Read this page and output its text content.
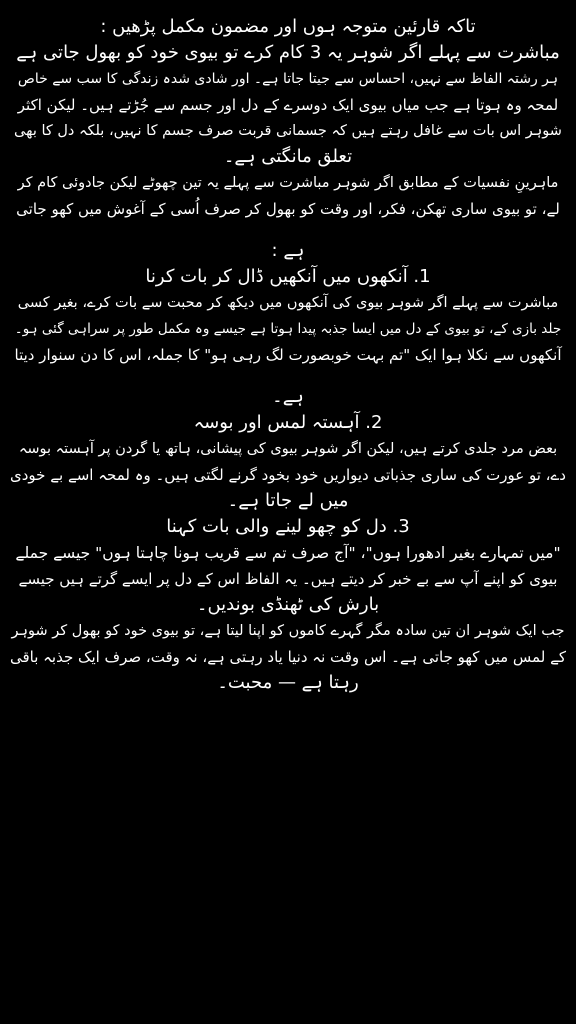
تاکہ قارئین متوجہ ہوں اور مضمون مکمل پڑھیں :
مباشرت سے پہلے اگر شوہر یہ 3 کام کرے تو بیوی خود کو بھول جاتی ہے
ہر رشتہ الفاظ سے نہیں، احساس سے جیتا جاتا ہے۔ اور شادی شدہ زندگی کا سب سے خاص
لمحہ وہ ہوتا ہے جب میاں بیوی ایک دوسرے کے دل اور جسم سے جُڑتے ہیں۔ لیکن اکثر
شوہر اس بات سے غافل رہتے ہیں کہ جسمانی قربت صرف جسم کا نہیں، بلکہ دل کا بھی
تعلق مانگتی ہے۔
ماہرینِ نفسیات کے مطابق اگر شوہر مباشرت سے پہلے یہ تین چھوٹے لیکن جادوئی کام کر
لے، تو بیوی ساری تھکن، فکر، اور وقت کو بھول کر صرف اُسی کے آغوش میں کھو جاتی
ہے :
1. آنکھوں میں آنکھیں ڈال کر بات کرنا
مباشرت سے پہلے اگر شوہر بیوی کی آنکھوں میں دیکھ کر محبت سے بات کرے، بغیر کسی
جلد بازی کے، تو بیوی کے دل میں ایسا جذبہ پیدا ہوتا ہے جیسے وہ مکمل طور پر سراہی گئی ہو۔
آنکھوں سے نکلا ہوا ایک "تم بہت خوبصورت لگ رہی ہو" کا جملہ، اس کا دن سنوار دیتا
ہے۔
2. آہستہ لمس اور بوسہ
بعض مرد جلدی کرتے ہیں، لیکن اگر شوہر بیوی کی پیشانی، ہاتھ یا گردن پر آہستہ بوسہ
دے، تو عورت کی ساری جذباتی دیواریں خود بخود گرنے لگتی ہیں۔ وہ لمحہ اسے بے خودی
میں لے جاتا ہے۔
3. دل کو چھو لینے والی بات کہنا
"میں تمہارے بغیر ادھورا ہوں"، "آج صرف تم سے قریب ہونا چاہتا ہوں" جیسے جملے
بیوی کو اپنے آپ سے بے خبر کر دیتے ہیں۔ یہ الفاظ اس کے دل پر ایسے گرتے ہیں جیسے
بارش کی ٹھنڈی بوندیں۔
جب ایک شوہر ان تین سادہ مگر گہرے کاموں کو اپنا لیتا ہے، تو بیوی خود کو بھول کر شوہر
کے لمس میں کھو جاتی ہے۔ اس وقت نہ دنیا یاد رہتی ہے، نہ وقت، صرف ایک جذبہ باقی
رہتا ہے — محبت۔
